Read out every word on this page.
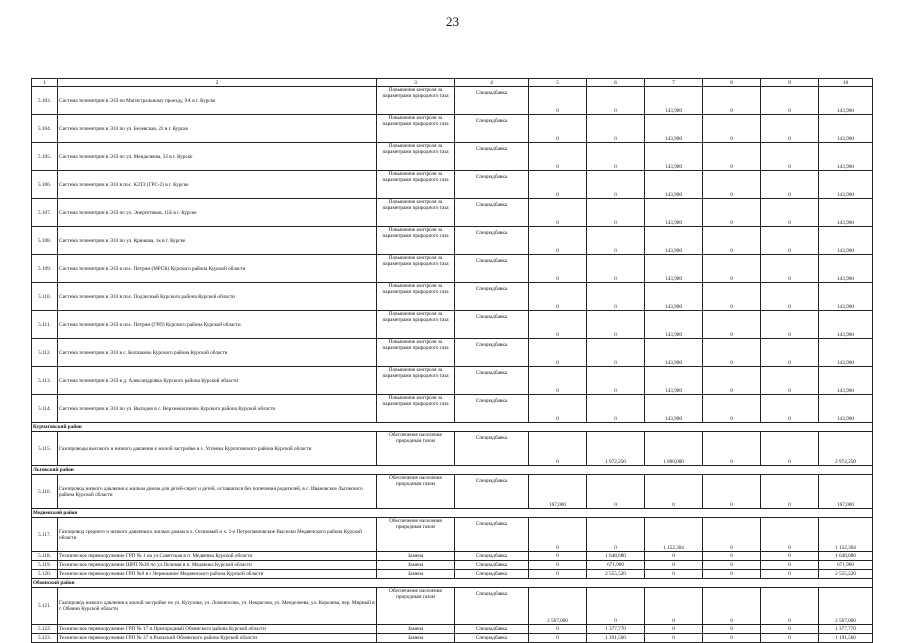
23
1	2	3	4	5	6	7	8	9	10
5.103.	Система телеметрии в ЭЗЗ по Магистральному проезду, 9А в г. Курске	Повышение контроля за параметрами природного газа	Спецнадбавка	0	0	143,900	0	0	143,900
5.104.	Система телеметрии в ЭЗЗ по ул. Белевская, 22 в г. Курске	Повышение контроля за параметрами природного газа	Спецнадбавка	0	0	143,900	0	0	143,900
5.105.	Система телеметрии в ЭЗЗ по ул. Менделеева, 32 в г. Курске	Повышение контроля за параметрами природного газа	Спецнадбавка	0	0	143,900	0	0	143,900
5.106.	Система телеметрии в ЭЗЗ в пос. КЗТЗ (ГРС-2) в г. Курске	Повышение контроля за параметрами природного газа	Спецнадбавка	0	0	143,900	0	0	143,900
5.107.	Система телеметрии в ЭЗЗ по ул. Энергетиков, 11Б в г. Курске	Повышение контроля за параметрами природного газа	Спецнадбавка	0	0	143,900	0	0	143,900
5.108.	Система телеметрии в ЭЗЗ по ул. Крюкова, 1к в г. Курске	Повышение контроля за параметрами природного газа	Спецнадбавка	0	0	143,900	0	0	143,900
5.109.	Система телеметрии в ЭЗЗ в пос. Петрин (МРСК) Курского района Курской области	Повышение контроля за параметрами природного газа	Спецнадбавка	0	0	143,900	0	0	143,900
5.110.	Система телеметрии в ЭЗЗ в пос. Подлесный Курского района Курской области	Повышение контроля за параметрами природного газа	Спецнадбавка	0	0	143,900	0	0	143,900
5.111.	Система телеметрии в ЭЗЗ в пос. Петрин (ГРП) Курского района Курской области	Повышение контроля за параметрами природного газа	Спецнадбавка	0	0	143,900	0	0	143,900
5.112.	Система телеметрии в ЭЗЗ в с. Колпаково Курского района Курской области	Повышение контроля за параметрами природного газа	Спецнадбавка	0	0	143,900	0	0	143,900
5.113.	Система телеметрии в ЭЗЗ в д. Александровка Курского района Курской области	Повышение контроля за параметрами природного газа	Спецнадбавка	0	0	143,900	0	0	143,900
5.114.	Система телеметрии в ЭЗЗ по ул. Выгодня в с. Верхнекасиново Курского района Курской области	Повышение контроля за параметрами природного газа	Спецнадбавка	0	0	143,900	0	0	143,900
Курчатовский район									
5.115.	Газопроводы высокого и низкого давления к жилой застройке в с. Успенка Курчатовского района Курской области	Обеспечение населения природным газом	Спецнадбавка	0	1 972,250	1 000,000	0	0	2 972,250
Льговский район									
5.116.	Газопровод низкого давления к жилым домам для детей-сирот и детей, оставшихся без попечения родителей, в с. Ивановское Льговского района Курской области	Обеспечение населения природным газом	Спецнадбавка	167,000	0	0	0	0	167,000
Медвенский район									
5.117.	Газопровод среднего и низкого давления к жилым домам в х. Осиновый и х. 2-е Петропавловские Выселки Медвенского района Курской области	Обеспечение населения природным газом	Спецнадбавка	0	0	1 152,304	0	0	1 152,304
5.118.	Техническое перевооружение ГРП № 1 на ул.Советская в п. Медвенка Курской области	Замена	Спецнадбавка	0	1 648,680	0	0	0	1 648,680
5.119.	Техническое перевооружение ШРП №36 по ул.Полевая в п. Медвенка Курской области	Замена	Спецнадбавка	0	671,960	0	0	0	671,960
5.120.	Техническое перевооружение ГРП №9 в с.Чермошное Медвенского района Курской области	Замена	Спецнадбавка	0	2 555,520	0	0	0	2 555,520
Обоянский район									
5.121.	Газопровод низкого давления к жилой застройке по ул. Кутузова, ул. Ломоносова, ул. Некрасова, ул. Менделеева, ул. Королева, пер. Мирный в г. Обояни Курской области	Обеспечение населения природным газом	Спецнадбавка	2 567,000	0	0	0	0	2 567,000
5.122.	Техническое перевооружение ГРП № 17 п.Пригородный Обоянского района Курской области	Замена	Спецнадбавка	0	1 377,770	0	0	0	1 377,770
5.123.	Техническое перевооружение ГРП № 37 п.Рыльский Обоянского района Курской области	Замена	Спецнадбавка	0	1 191,560	0	0	0	1 191,560
